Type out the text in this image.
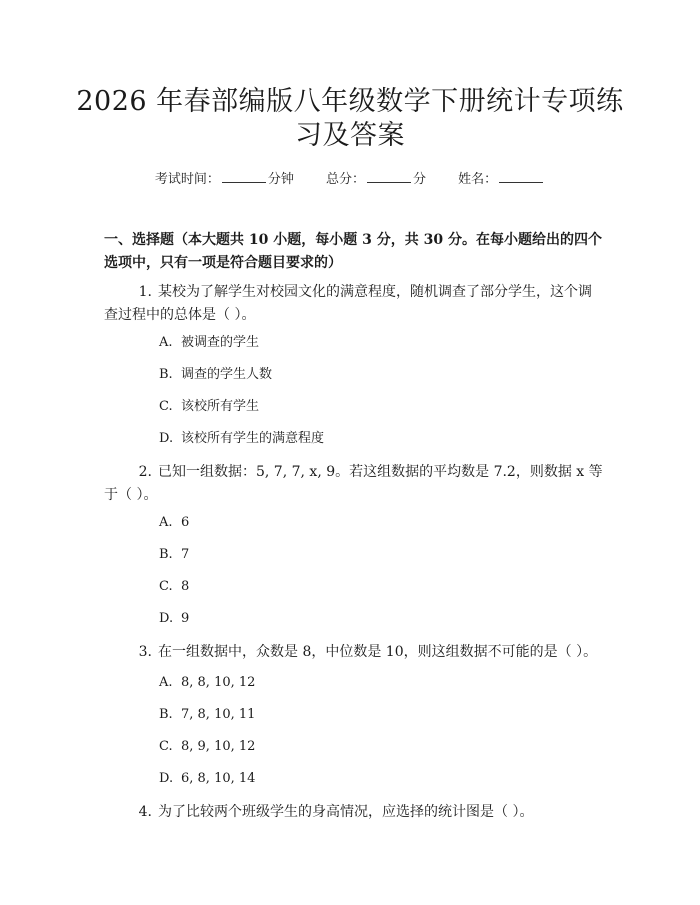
2026 年春部编版八年级数学下册统计专项练
习及答案
考试时间：	分钟 总分：	分 姓名：

一、选择题（本大题共 10 小题，每小题 3 分，共 30 分。在每小题给出的四个选项中，只有一项是符合题目要求的）

1. 某校为了解学生对校园文化的满意程度，随机调查了部分学生，这个调查过程中的总体是（ ）。

A. 被调查的学生
B. 调查的学生人数
C. 该校所有学生
D. 该校所有学生的满意程度

2. 已知一组数据：5, 7, 7, x, 9。若这组数据的平均数是 7.2，则数据 x 等于（ ）。

A. 6
B. 7
C. 8
D. 9

3. 在一组数据中，众数是 8，中位数是 10，则这组数据不可能的是（ ）。

A. 8, 8, 10, 12
B. 7, 8, 10, 11
C. 8, 9, 10, 12
D. 6, 8, 10, 14

4. 为了比较两个班级学生的身高情况，应选择的统计图是（ ）。
